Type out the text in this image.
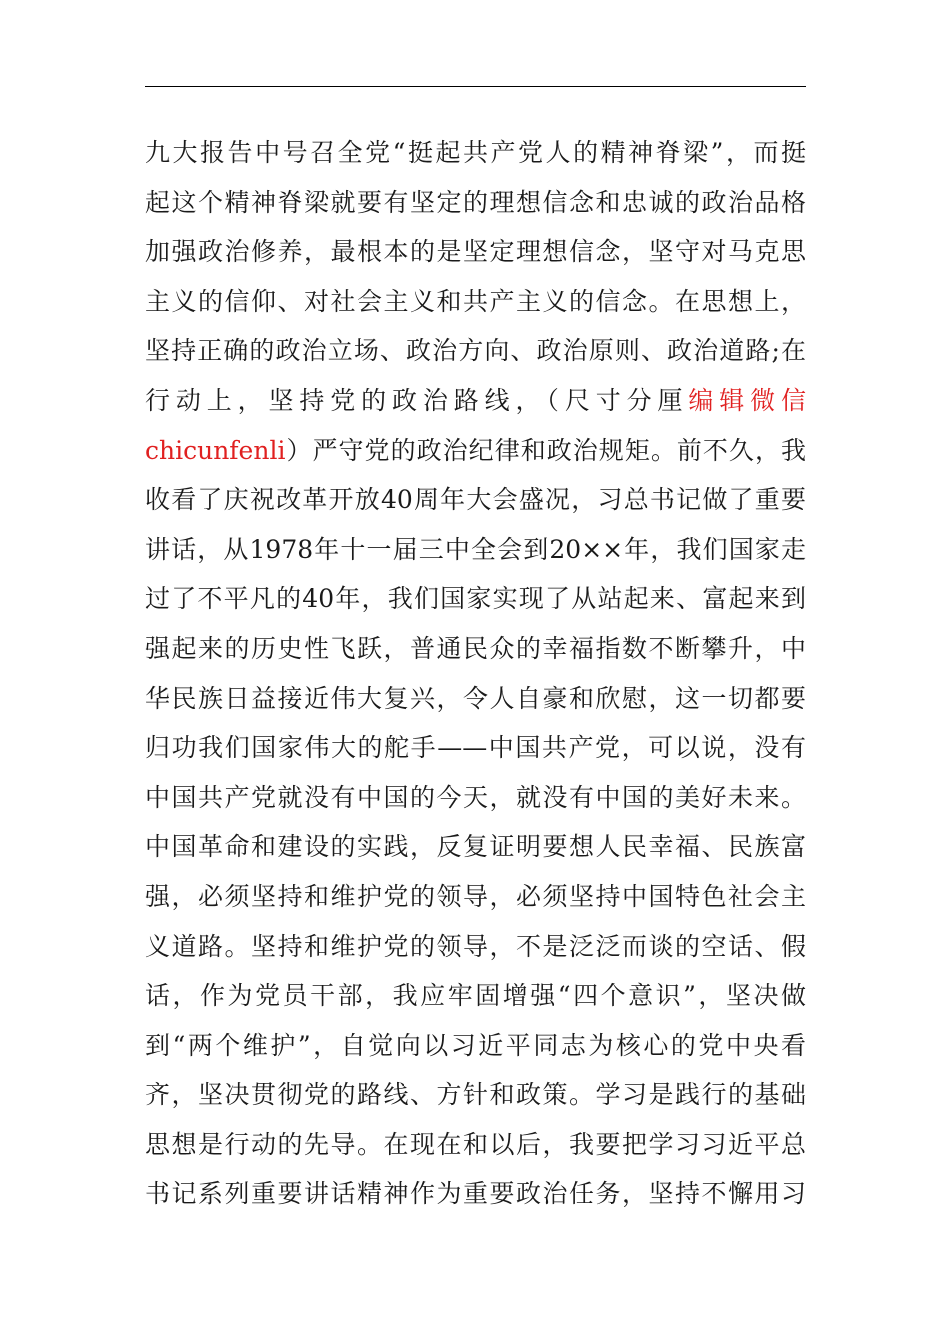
九大报告中号召全党“挺起共产党人的精神脊梁”，而挺
起这个精神脊梁就要有坚定的理想信念和忠诚的政治品格
加强政治修养，最根本的是坚定理想信念，坚守对马克思
主义的信仰、对社会主义和共产主义的信念。在思想上，
坚持正确的政治立场、政治方向、政治原则、政治道路;在
行动上，坚持党的政治路线，（尺寸分厘编辑微信
chicunfenli）严守党的政治纪律和政治规矩。前不久，我
收看了庆祝改革开放40周年大会盛况，习总书记做了重要
讲话，从1978年十一届三中全会到20××年，我们国家走
过了不平凡的40年，我们国家实现了从站起来、富起来到
强起来的历史性飞跃，普通民众的幸福指数不断攀升，中
华民族日益接近伟大复兴，令人自豪和欣慰，这一切都要
归功我们国家伟大的舵手——中国共产党，可以说，没有
中国共产党就没有中国的今天，就没有中国的美好未来。
中国革命和建设的实践，反复证明要想人民幸福、民族富
强，必须坚持和维护党的领导，必须坚持中国特色社会主
义道路。坚持和维护党的领导，不是泛泛而谈的空话、假
话，作为党员干部，我应牢固增强“四个意识”，坚决做
到“两个维护”，自觉向以习近平同志为核心的党中央看
齐，坚决贯彻党的路线、方针和政策。学习是践行的基础
思想是行动的先导。在现在和以后，我要把学习习近平总
书记系列重要讲话精神作为重要政治任务，坚持不懈用习
